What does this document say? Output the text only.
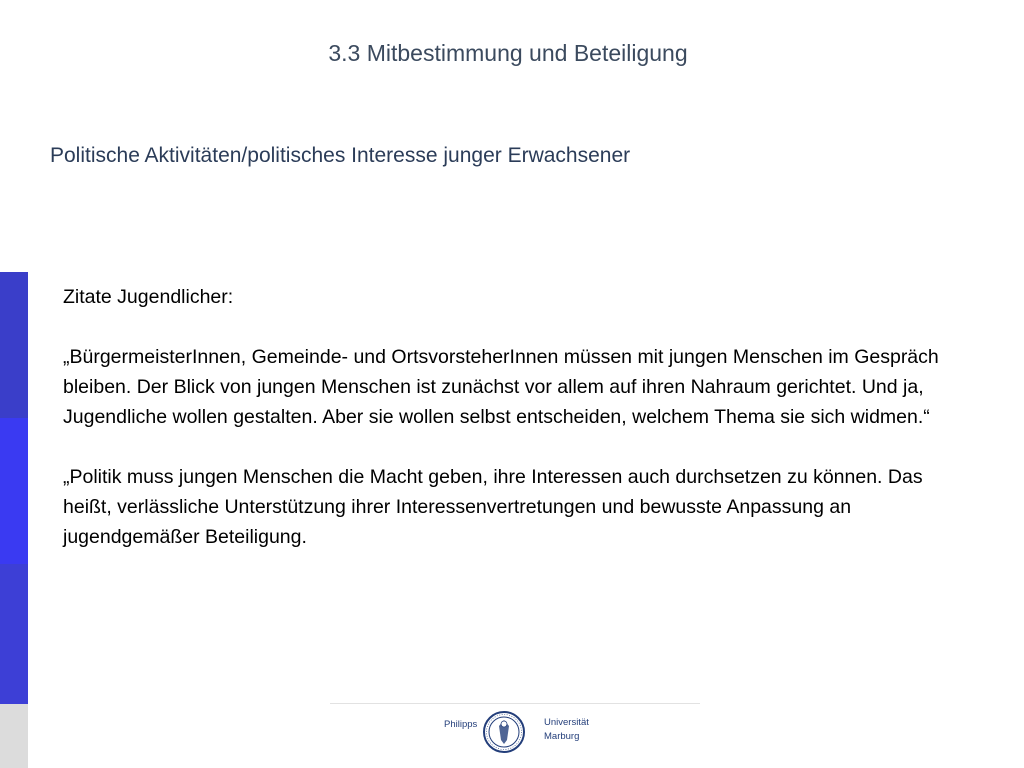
3.3 Mitbestimmung und Beteiligung
Politische Aktivitäten/politisches Interesse junger Erwachsener

Zitate Jugendlicher:

„BürgermeisterInnen, Gemeinde- und OrtsvorsteherInnen müssen mit jungen Menschen im Gespräch bleiben. Der Blick von jungen Menschen ist zunächst vor allem auf ihren Nahraum gerichtet. Und ja, Jugendliche wollen gestalten. Aber sie wollen selbst entscheiden, welchem Thema sie sich widmen.“

„Politik muss jungen Menschen die Macht geben, ihre Interessen auch durchsetzen zu können. Das heißt, verlässliche Unterstützung ihrer Interessenvertretungen und bewusste Anpassung an jugendgemäßer Beteiligung.

Philipps	Universität
Marburg
